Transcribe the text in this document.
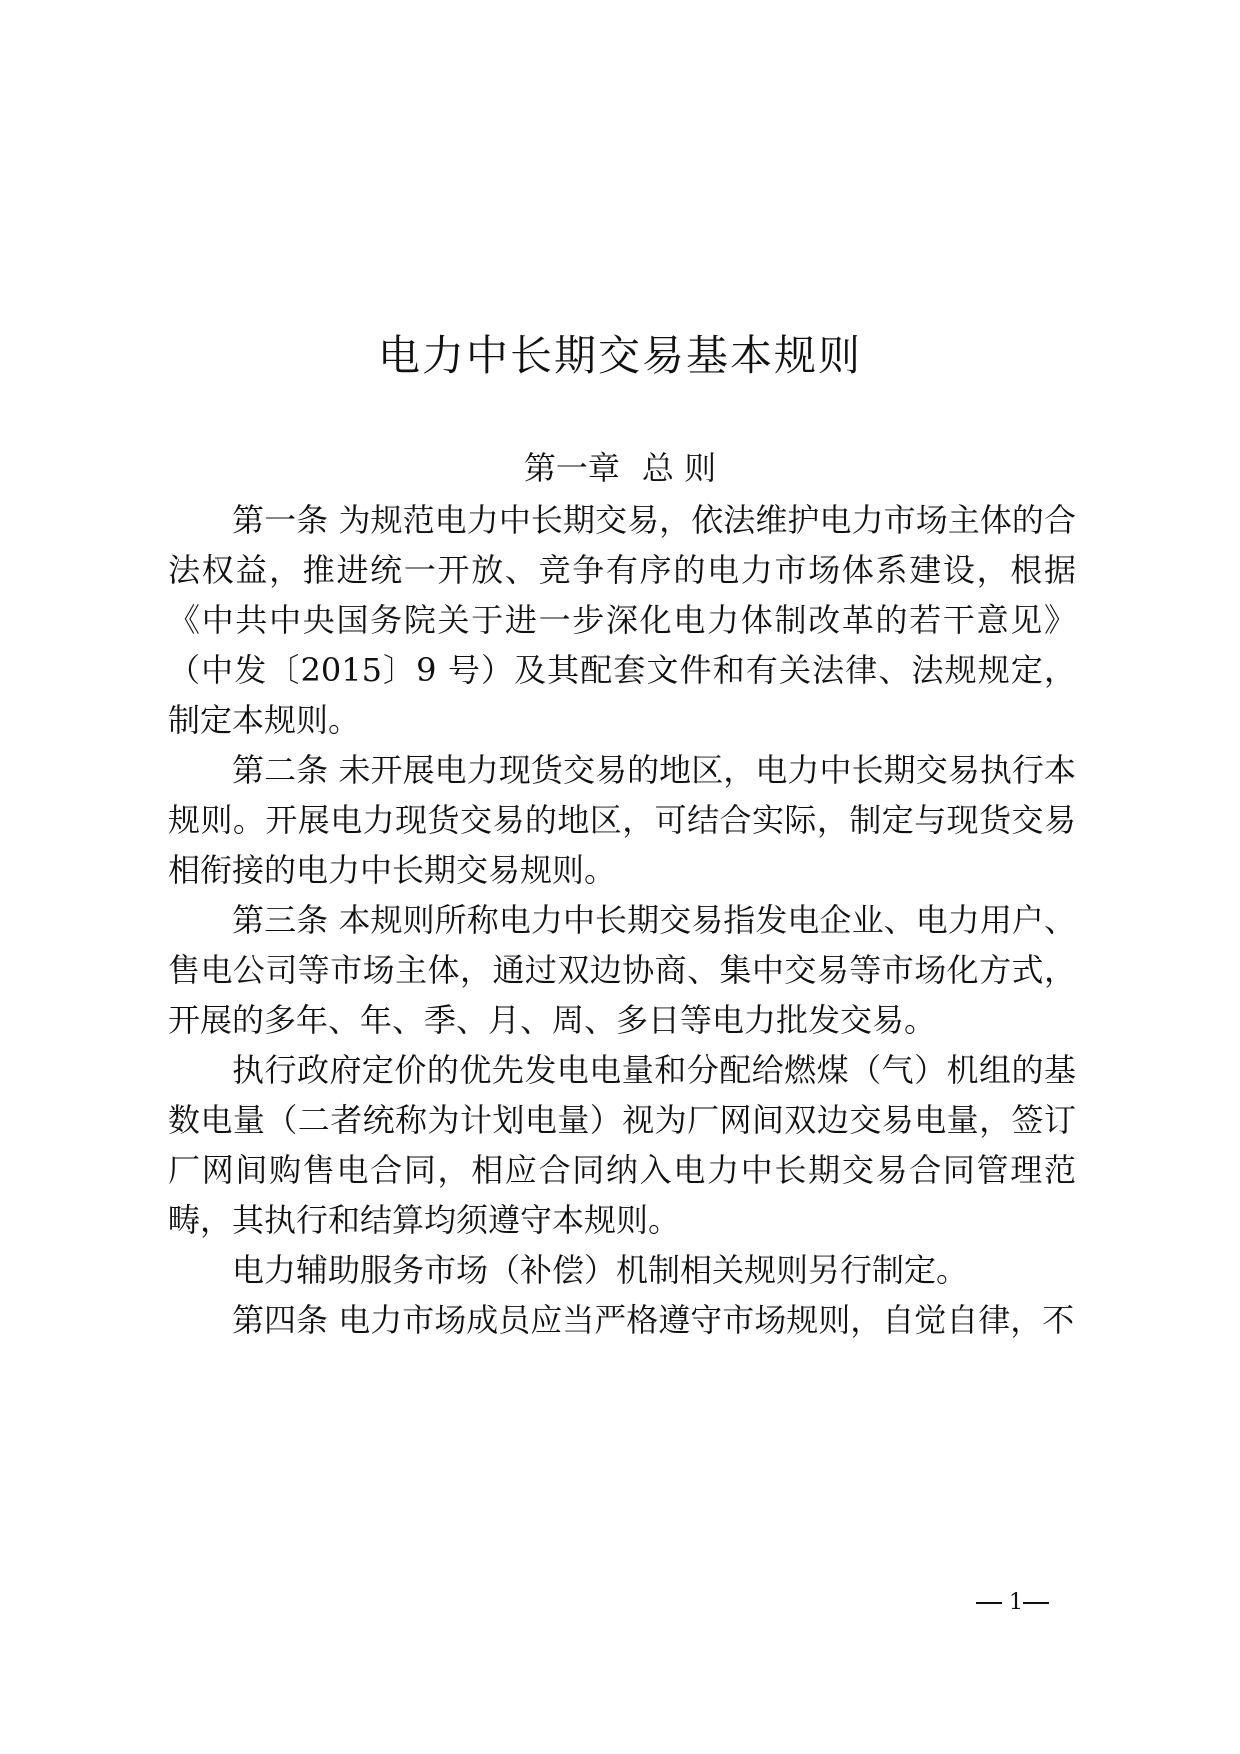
电力中长期交易基本规则
第一章 总 则

第一条 为规范电力中长期交易，依法维护电力市场主体的合法权益，推进统一开放、竞争有序的电力市场体系建设，根据《中共中央国务院关于进一步深化电力体制改革的若干意见》（中发〔2015〕9 号）及其配套文件和有关法律、法规规定，制定本规则。

第二条 未开展电力现货交易的地区，电力中长期交易执行本规则。开展电力现货交易的地区，可结合实际，制定与现货交易相衔接的电力中长期交易规则。

第三条 本规则所称电力中长期交易指发电企业、电力用户、售电公司等市场主体，通过双边协商、集中交易等市场化方式，开展的多年、年、季、月、周、多日等电力批发交易。

执行政府定价的优先发电电量和分配给燃煤（气）机组的基数电量（二者统称为计划电量）视为厂网间双边交易电量，签订厂网间购售电合同，相应合同纳入电力中长期交易合同管理范畴，其执行和结算均须遵守本规则。

电力辅助服务市场（补偿）机制相关规则另行制定。

第四条 电力市场成员应当严格遵守市场规则，自觉自律，不

1
